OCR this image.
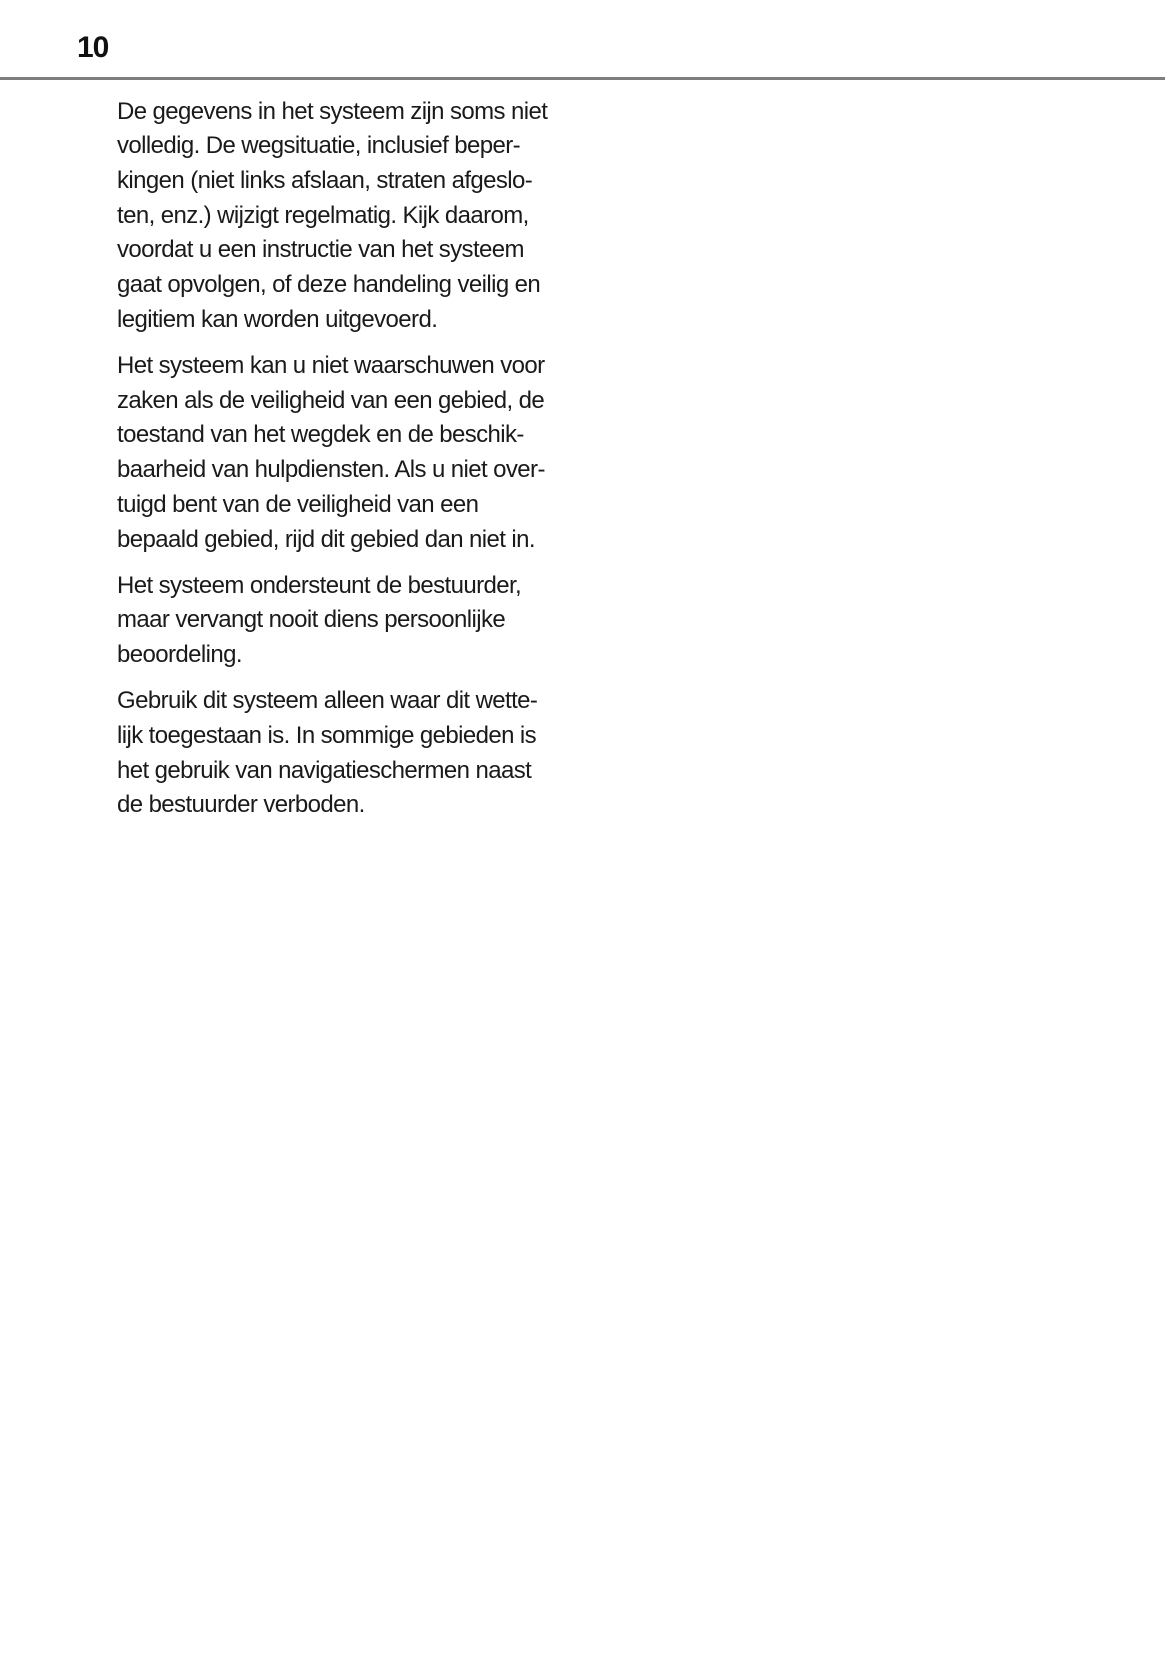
10

De gegevens in het systeem zijn soms niet
volledig. De wegsituatie, inclusief beper-
kingen (niet links afslaan, straten afgeslo-
ten, enz.) wijzigt regelmatig. Kijk daarom,
voordat u een instructie van het systeem
gaat opvolgen, of deze handeling veilig en
legitiem kan worden uitgevoerd.

Het systeem kan u niet waarschuwen voor
zaken als de veiligheid van een gebied, de
toestand van het wegdek en de beschik-
baarheid van hulpdiensten. Als u niet over-
tuigd bent van de veiligheid van een
bepaald gebied, rijd dit gebied dan niet in.

Het systeem ondersteunt de bestuurder,
maar vervangt nooit diens persoonlijke
beoordeling.

Gebruik dit systeem alleen waar dit wette-
lijk toegestaan is. In sommige gebieden is
het gebruik van navigatieschermen naast
de bestuurder verboden.
